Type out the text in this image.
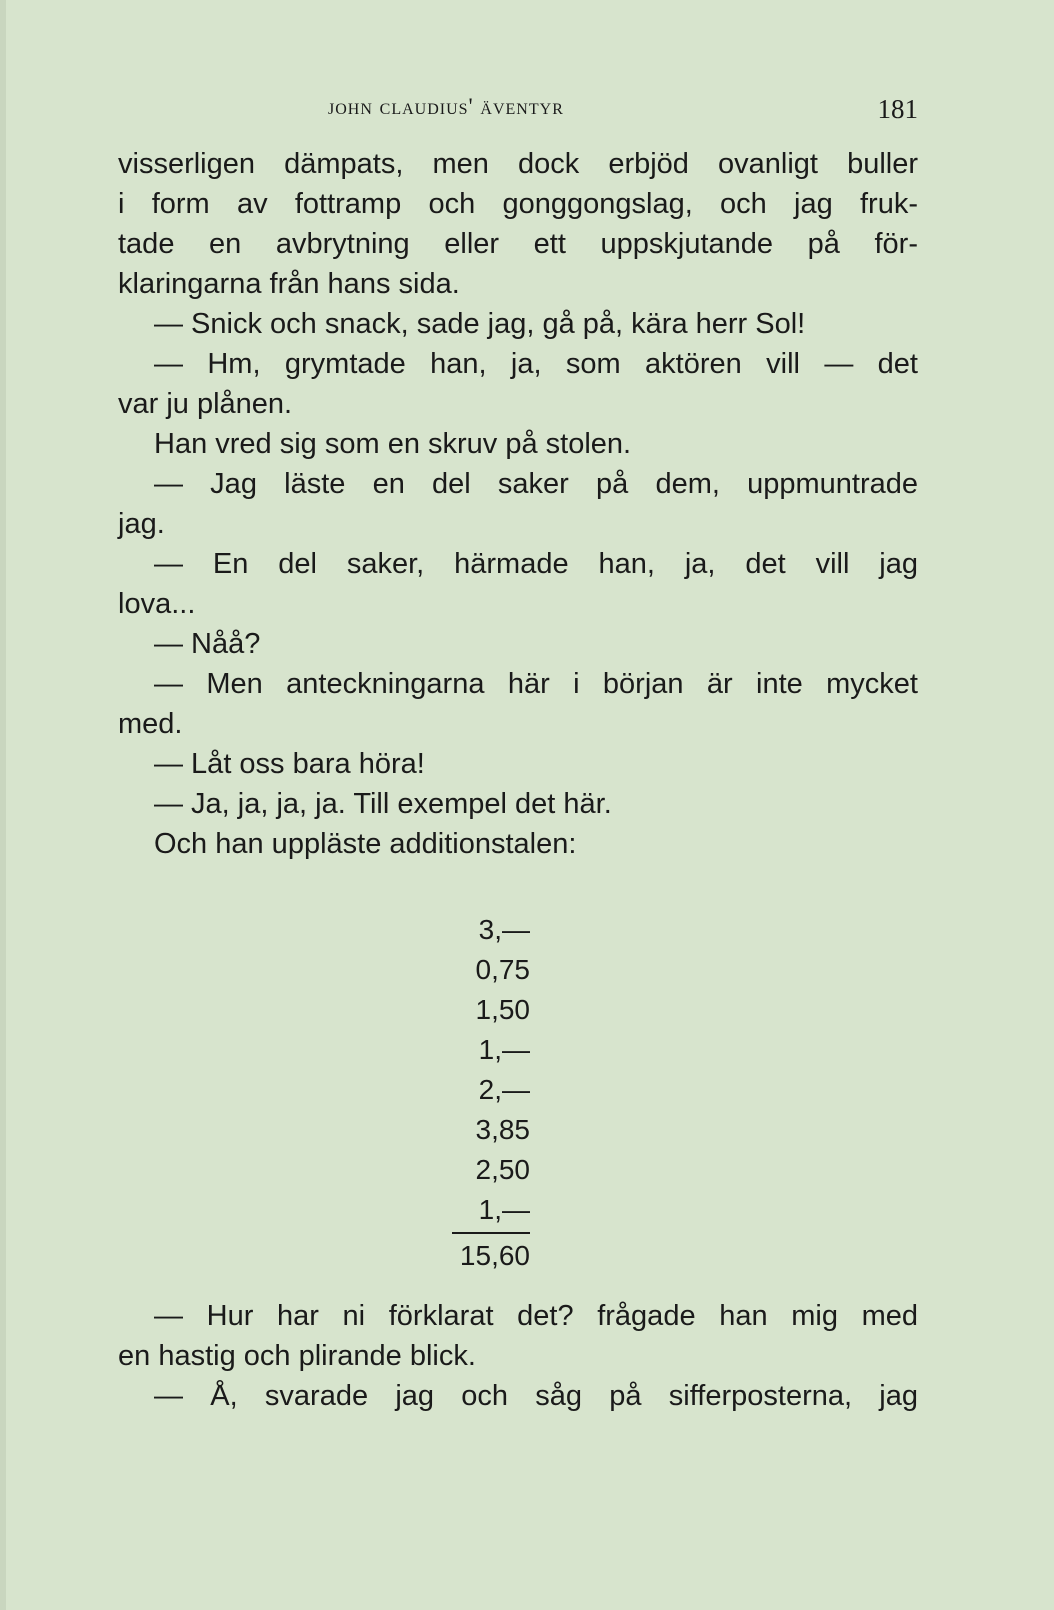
john claudius' äventyr	181
visserligen dämpats, men dock erbjöd ovanligt buller
i form av fottramp och gonggongslag, och jag fruk-
tade en avbrytning eller ett uppskjutande på för-
klaringarna från hans sida.
— Snick och snack, sade jag, gå på, kära herr Sol!
— Hm, grymtade han, ja, som aktören vill — det
var ju plånen.
Han vred sig som en skruv på stolen.
— Jag läste en del saker på dem, uppmuntrade
jag.
— En del saker, härmade han, ja, det vill jag
lova...
— Nåå?
— Men anteckningarna här i början är inte mycket
med.
— Låt oss bara höra!
— Ja, ja, ja, ja. Till exempel det här.
Och han uppläste additionstalen:
3,—
0,75
1,50
1,—
2,—
3,85
2,50
1,—
15,60
— Hur har ni förklarat det? frågade han mig med
en hastig och plirande blick.
— Å, svarade jag och såg på sifferposterna, jag
